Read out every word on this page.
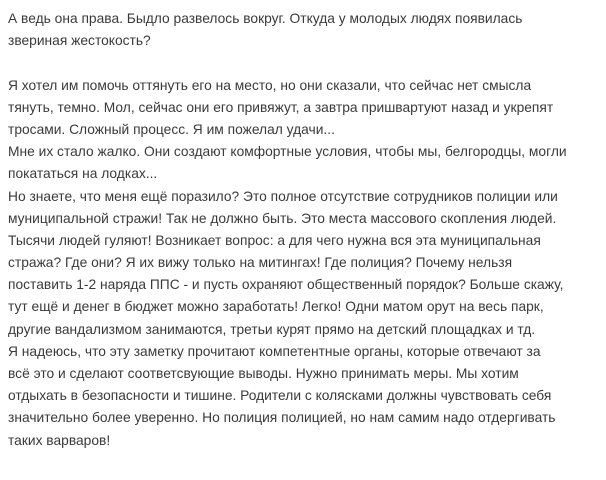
А ведь она права. Быдло развелось вокруг. Откуда у молодых людях появилась
звериная жестокость?
Я хотел им помочь оттянуть его на место, но они сказали, что сейчас нет смысла
тянуть, темно. Мол, сейчас они его привяжут, а завтра пришвартуют назад и укрепят
тросами. Сложный процесс. Я им пожелал удачи...
Мне их стало жалко. Они создают комфортные условия, чтобы мы, белгородцы, могли
покататься на лодках...
Но знаете, что меня ещё поразило? Это полное отсутствие сотрудников полиции или
муниципальной стражи! Так не должно быть. Это места массового скопления людей.
Тысячи людей гуляют! Возникает вопрос: а для чего нужна вся эта муниципальная
стража? Где они? Я их вижу только на митингах! Где полиция? Почему нельзя
поставить 1-2 наряда ППС - и пусть охраняют общественный порядок? Больше скажу,
тут ещё и денег в бюджет можно заработать! Легко! Одни матом орут на весь парк,
другие вандализмом занимаются, третьи курят прямо на детский площадках и тд.
Я надеюсь, что эту заметку прочитают компетентные органы, которые отвечают за
всё это и сделают соответсвующие выводы. Нужно принимать меры. Мы хотим
отдыхать в безопасности и тишине. Родители с колясками должны чувствовать себя
значительно более уверенно. Но полиция полицией, но нам самим надо отдергивать
таких варваров!
